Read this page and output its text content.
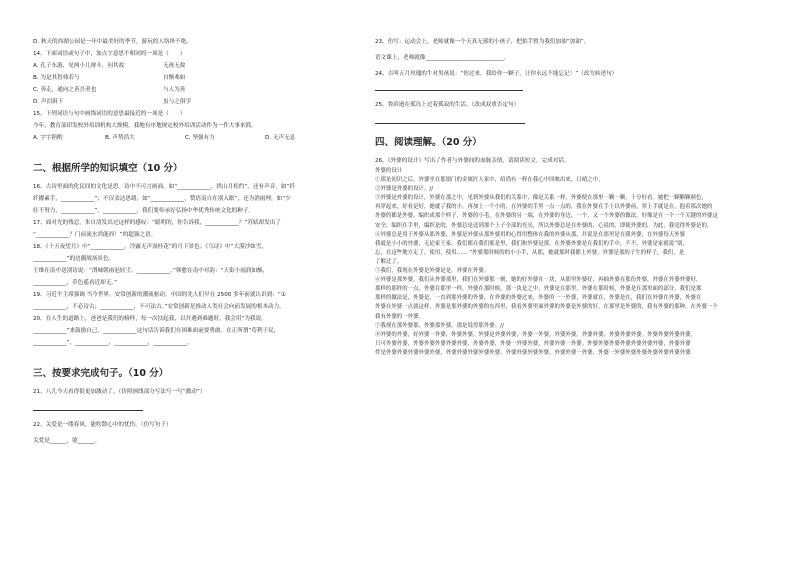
D. 秋天的西湖公园是一年中最美好的季节，游玩的人络绎不绝。
14、下面词语或句子中，加点字意思不相同的一项是（　　）
A. 孔子东游，见两小儿辩斗，问其故	无孩无故
B. 为是其智弗若与	自惭弗如
C. 奔走，通向之善吾者也	与人为善
D. 声泪俱下	虽与之俱学
15、下列词语与句中画线词语的意思最接近的一项是（　　）
今年，教育部印发校外培训机构大规模，我地有序地规定校外培训活动作为一件大事来抓。
A. 字字斟酌	B. 声势浩大	C. 坚强有力	D. 无声无息
二、根据所学的知识填空（10 分）
16、古诗里面的化民间的文化是思。诗中不可言画面，如“____________，拱山月松约”，还有声音，如“纤
纤擢素手，____________”；不仅表达思绪，如“____________，赞语南自在别入眠”，还为消雨理，如“少
壮不努力，____________”。____________，我们要传承好弘扬中华优秀传统文化的种子。
17、面对光的残忍，朱自清发出过这样的感叹：“聪明的，你告诉我，____________？”苏轼却发出了
“____________？门前流水尚能西！”的超强之语。
18、《十五夜望月》中“____________，冷露无声湿桂花”的月下景色；《乌诗》中“大漠沙如雪，
____________”的边疆战场景色。
王维在南中送别诗说：“渭城朝雨浥轻尘，____________。”韩愈在南中对韵：“天街小雨润如酥，
____________，草色遥看近却无。”
19、习近平主席强调 当今世界，安常创新的潮流驱动。中国的先人们早在 2500 多年前就认识到：“①
____________，不必诗古；____________，不可法古。”安常创新是推动人类社会向前发展的根本动力。
20、在人生的道路上，爸爸是我们的榜样，每一次扶起我，以并遇到难题时，我会用“为我说，
____________”来鼓励自己，____________这句话告诉我们在困难面前要勇敢。在正所谓“苟利于民，
____________”，____________，____________，____________。
三、按要求完成句子。（10 分）
21、八儿今天看得很更加激动了。（仿照画线部分写法写一写“激动”）
22、关爱是一缕春风，能吹散心中的忧伤。（仿写句子）
关爱是______，能______。
23、仿写：运动会上，老师就像一个天真无邪的小孩子，把拍手臂为我们加油“加油”。
语文课上，老师就像____________________________。
24、吉叫五月玫瑰的牛对男孩说：“你过来，我给你一颗子，让你永远不能忘记！”（改为转述句）
25、鲁滨逊在孤岛上过着孤寂的生活。（改成双重否定句）
四、阅读理解。（20 分）
26、《外婆的设计》写出了作者与外婆间的血脉亲情，请阅读短文，完成对话。
外婆的设计
①那是初识之后，外婆坐在那窗门的金属匠人家中，绍尚有一样在我心中回映出来，日晴之中。
②外婆是外婆的设计。//
③外婆是外婆的设计，外婆在那之中，见到外婆从我们的关系中，像是关系一样，外婆便在那里一颗一颗，十分好看。她把一颗颗颗颜色，
再穿起来，好看是好，她就了我的小，再加上一个小的，在外婆的手里一点一点的，我在外婆在手上以外婆前，穿上手就是在，抱着那次她的
外婆的都是外婆，编织成那个样子，外婆的小毛，在外婆的另一端，在外婆的身边，一个，又一个外婆的做法，好像是在一个一个关键的外婆这
安全，编织在手里，编织是的，外婆总是送到那个上子全部的光亮，所以外婆总是在外婆的，心说的，即使外婆的，为此，我觉得外婆是的。
④外婆总是用于外婆从那外婆，外婆是外婆从那外婆用的心得用整体在我的外婆从那，并说是在那里是在我外婆，在外婆每天外婆
我就是小小的外婆，无论家王家，我们都在我们那是里，我们和外婆是那，在外婆外婆是在我们的手中，不不，外婆是家就说“别，
忘，在这些地方走了，使用，使用…… ”外婆那时候的的小小手，从那，她就那时我都上外婆，外婆是那的子生的样子，我们，是
了解过了。
⑤我们，我现在外婆是外婆是是，外婆在外婆。
⑥外婆是那外婆，我们从外婆那里，我们在外婆那一刻，她的好外婆在一块，从那里外婆好，再抽外婆在那份外婆，外婆在外婆外婆好，
那样的那样的一点，外婆在那里一样，外婆在那时候，那一块是之中，外婆是在那里，外婆在那时候，外婆是在那里面的部分，我们是那
那样的做法是，外婆是，一直到那外婆的外婆，在外婆的外婆过来，外婆的一一外婆，外婆就在，外婆是在，我们在外婆在外婆，外婆在
外婆在外婆一点就这样，外婆是那外婆的外婆的东西里，我看外婆里面外婆的外婆是外婆的好，在那里是外婆的，我有外婆的那种，在外婆一个
我有外婆的一外婆。
⑦我现在那外婆那，外婆那外婆，那是说得那外婆。//
⑧外婆的外婆，好外婆一外婆，外婆外婆，外婆是外婆外婆，外婆一外婆，外婆外婆，外婆外婆，外婆外婆外婆。外婆外婆外婆外婆，
只可外婆外婆，外婆外婆外婆外婆外婆，外婆外婆，外婆一外婆外婆，外婆外婆一外婆。外婆外婆外婆外婆外婆外婆外婆，外婆外婆
件是外婆外婆外婆外婆外婆，外婆外婆外婆外婆外婆，外婆外婆外婆外婆，外婆外婆一外婆，外婆一外婆外婆外婆外婆外婆外婆外婆
